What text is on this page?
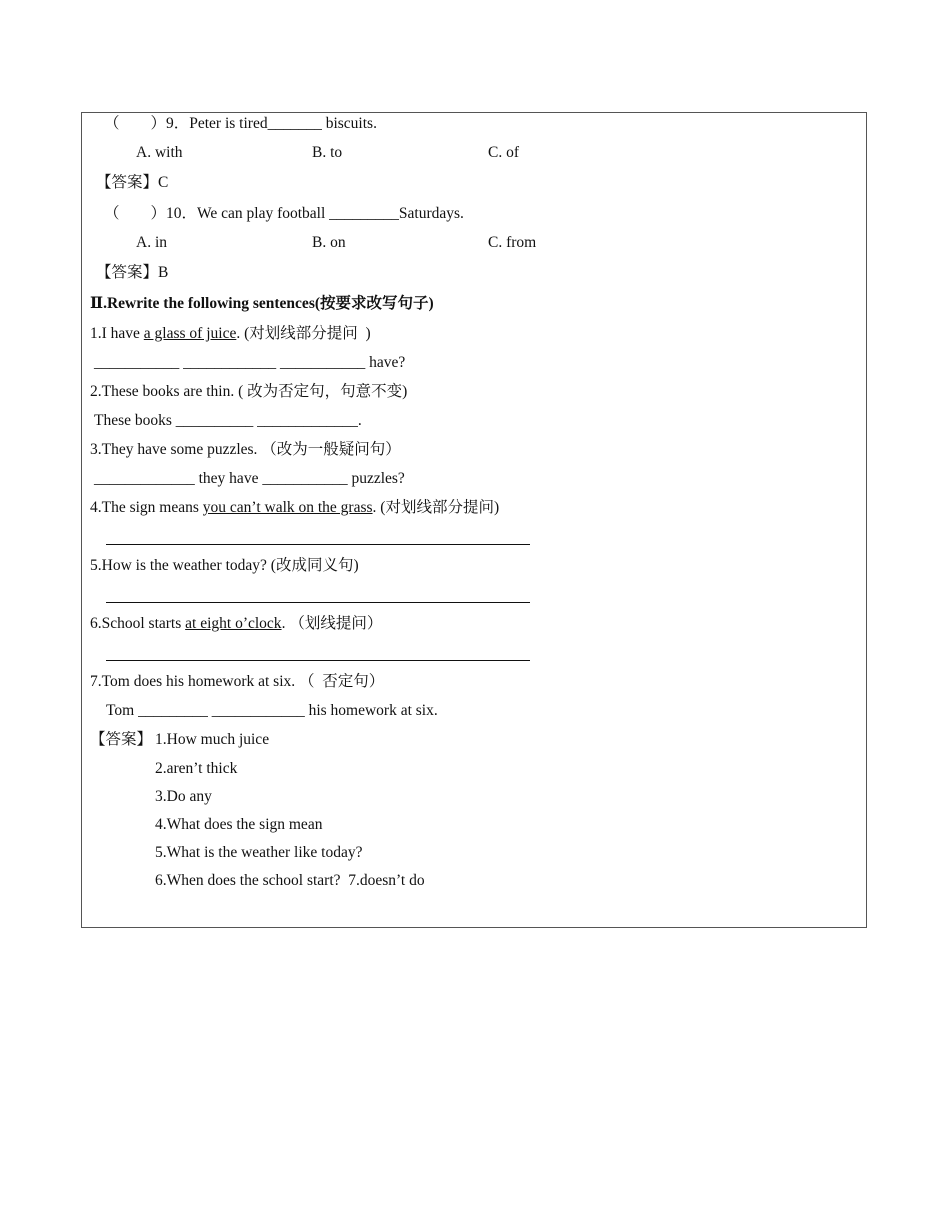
（        ）9．Peter is tired_______ biscuits.
A. with	B. to	C. of
【答案】C
（        ）10．We can play football _________Saturdays.
A. in	B. on	C. from
【答案】B
Ⅱ.Rewrite the following sentences(按要求改写句子)
1.I have a glass of juice. (对划线部分提问  )
___________ ____________ ___________ have?
2.These books are thin. ( 改为否定句，句意不变)
These books __________ _____________.
3.They have some puzzles. （改为一般疑问句）
_____________ they have ___________ puzzles?
4.The sign means you can’t walk on the grass. (对划线部分提问)
5.How is the weather today? (改成同义句)
6.School starts at eight o’clock. （划线提问）
7.Tom does his homework at six. （  否定句）
Tom _________ ____________ his homework at six.
【答案】 1.How much juice
2.aren’t thick
3.Do any
4.What does the sign mean
5.What is the weather like today?
6.When does the school start?  7.doesn’t do
